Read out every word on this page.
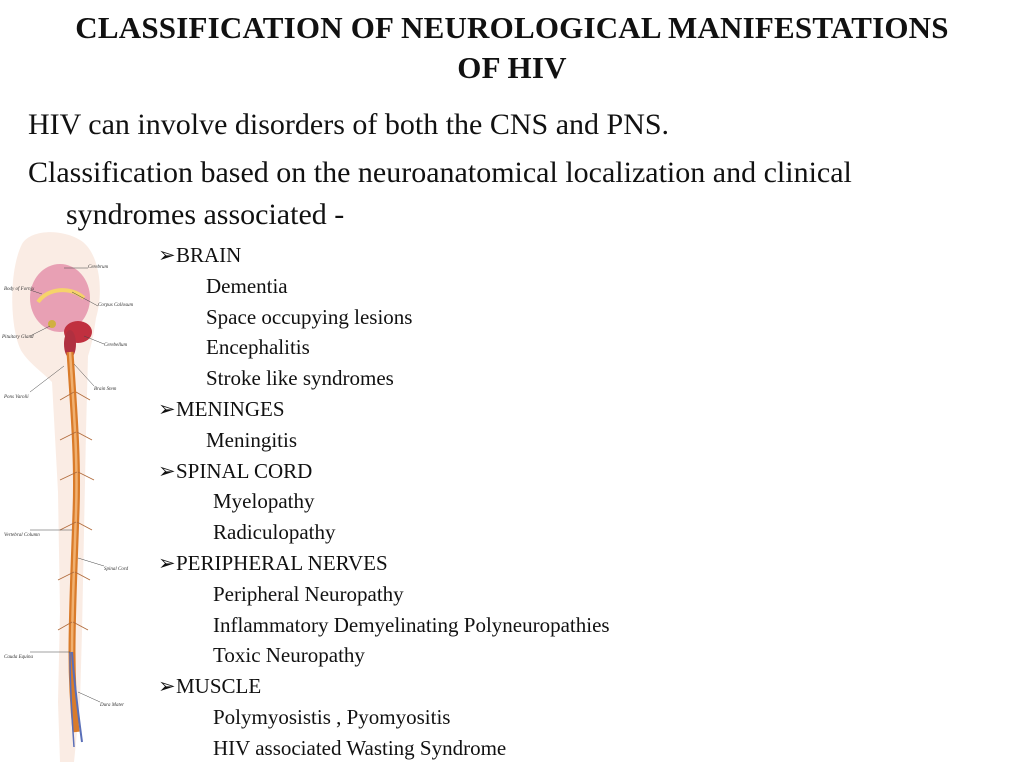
CLASSIFICATION OF NEUROLOGICAL MANIFESTATIONS
OF HIV

HIV can involve disorders of both the CNS and PNS.

Classification based on the neuroanatomical localization and clinical
syndromes associated -

Cerebrum
Body of Fornix
Corpus Callosum
Pituitary Gland
Cerebellum
Pons Varolii
Brain Stem
Vertebral Column
Spinal Cord
Cauda Equina
Dura Mater
➢BRAIN
Dementia
Space occupying lesions
Encephalitis
Stroke like syndromes
➢MENINGES
Meningitis
➢SPINAL CORD
Myelopathy
Radiculopathy
➢PERIPHERAL NERVES
Peripheral Neuropathy
Inflammatory Demyelinating Polyneuropathies
Toxic Neuropathy
➢MUSCLE
Polymyosistis , Pyomyositis
HIV associated Wasting Syndrome
